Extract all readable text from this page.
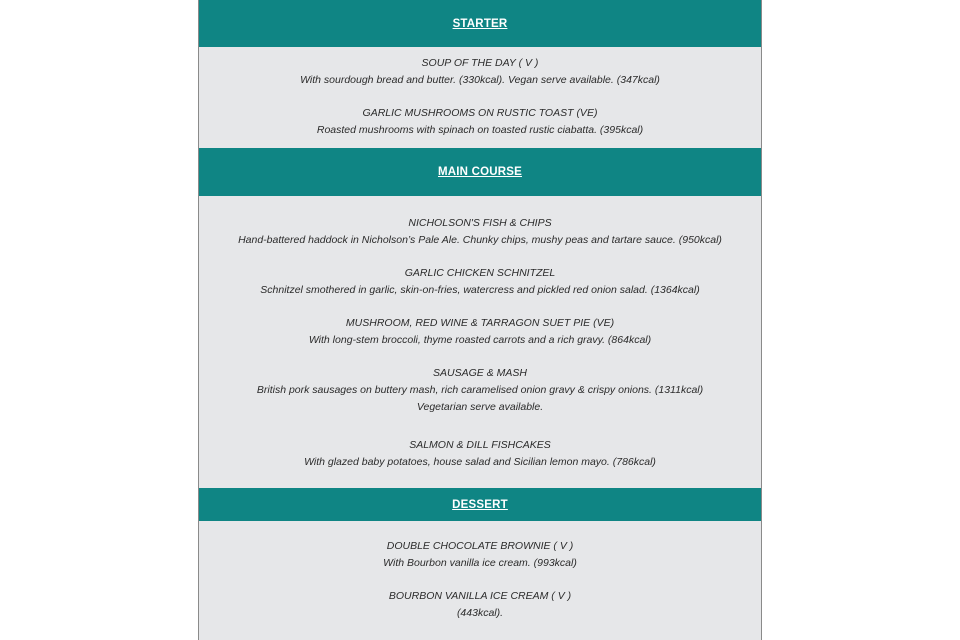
STARTER
SOUP OF THE DAY ( V )
With sourdough bread and butter. (330kcal). Vegan serve available. (347kcal)
GARLIC MUSHROOMS ON RUSTIC TOAST (VE)
Roasted mushrooms with spinach on toasted rustic ciabatta. (395kcal)
MAIN COURSE
NICHOLSON'S FISH & CHIPS
Hand-battered haddock in Nicholson’s Pale Ale. Chunky chips, mushy peas and tartare sauce. (950kcal)
GARLIC CHICKEN SCHNITZEL
Schnitzel smothered in garlic, skin-on-fries, watercress and pickled red onion salad. (1364kcal)
MUSHROOM, RED WINE & TARRAGON SUET PIE (VE)
With long-stem broccoli, thyme roasted carrots and a rich gravy. (864kcal)
SAUSAGE & MASH
British pork sausages on buttery mash, rich caramelised onion gravy & crispy onions. (1311kcal)
Vegetarian serve available.
SALMON & DILL FISHCAKES
With glazed baby potatoes, house salad and Sicilian lemon mayo. (786kcal)
DESSERT
DOUBLE CHOCOLATE BROWNIE ( V )
With Bourbon vanilla ice cream. (993kcal)
BOURBON VANILLA ICE CREAM ( V )
(443kcal).
